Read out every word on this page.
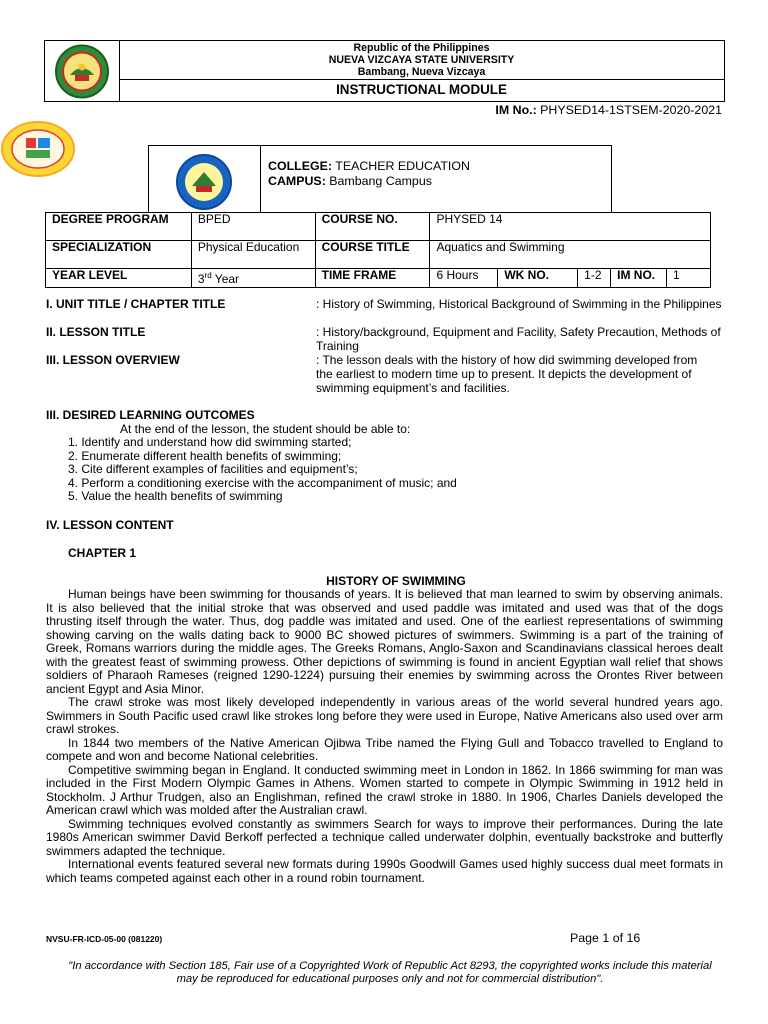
Republic of the Philippines
NUEVA VIZCAYA STATE UNIVERSITY
Bambang, Nueva Vizcaya
INSTRUCTIONAL MODULE
IM No.: PHYSED14-1STSEM-2020-2021
COLLEGE: TEACHER EDUCATION
CAMPUS: Bambang Campus
DEGREE PROGRAM	BPED	COURSE NO.	PHYSED 14				
SPECIALIZATION	Physical Education	COURSE TITLE	Aquatics and Swimming				
YEAR LEVEL	3rd Year	TIME FRAME	6 Hours	WK NO.	1-2	IM NO.	1
I. UNIT TITLE / CHAPTER TITLE	: History of Swimming, Historical Background of Swimming in the Philippines
II. LESSON TITLE	: History/background, Equipment and Facility, Safety Precaution, Methods of Training
III. LESSON OVERVIEW	: The lesson deals with the history of how did swimming developed from the earliest to modern time up to present. It depicts the development of swimming equipment’s and facilities.
III. DESIRED LEARNING OUTCOMES
At the end of the lesson, the student should be able to:
1. Identify and understand how did swimming started;
2. Enumerate different health benefits of swimming;
3. Cite different examples of facilities and equipment’s;
4. Perform a conditioning exercise with the accompaniment of music; and
5. Value the health benefits of swimming
IV. LESSON CONTENT
CHAPTER 1
HISTORY OF SWIMMING

Human beings have been swimming for thousands of years. It is believed that man learned to swim by observing animals. It is also believed that the initial stroke that was observed and used paddle was imitated and used was that of the dogs thrusting itself through the water. Thus, dog paddle was imitated and used. One of the earliest representations of swimming showing carving on the walls dating back to 9000 BC showed pictures of swimmers. Swimming is a part of the training of Greek, Romans warriors during the middle ages. The Greeks Romans, Anglo-Saxon and Scandinavians classical heroes dealt with the greatest feast of swimming prowess. Other depictions of swimming is found in ancient Egyptian wall relief that shows soldiers of Pharaoh Rameses (reigned 1290-1224) pursuing their enemies by swimming across the Orontes River between ancient Egypt and Asia Minor.

The crawl stroke was most likely developed independently in various areas of the world several hundred years ago. Swimmers in South Pacific used crawl like strokes long before they were used in Europe, Native Americans also used over arm crawl strokes.

In 1844 two members of the Native American Ojibwa Tribe named the Flying Gull and Tobacco travelled to England to compete and won and become National celebrities.

Competitive swimming began in England. It conducted swimming meet in London in 1862. In 1866 swimming for man was included in the First Modern Olympic Games in Athens. Women started to compete in Olympic Swimming in 1912 held in Stockholm. J Arthur Trudgen, also an Englishman, refined the crawl stroke in 1880. In 1906, Charles Daniels developed the American crawl which was molded after the Australian crawl.

Swimming techniques evolved constantly as swimmers Search for ways to improve their performances. During the late 1980s American swimmer David Berkoff perfected a technique called underwater dolphin, eventually backstroke and butterfly swimmers adapted the technique.

International events featured several new formats during 1990s Goodwill Games used highly success dual meet formats in which teams competed against each other in a round robin tournament.

NVSU-FR-ICD-05-00 (081220)	Page 1 of 16
"In accordance with Section 185, Fair use of a Copyrighted Work of Republic Act 8293, the copyrighted works include this material may be reproduced for educational purposes only and not for commercial distribution".
